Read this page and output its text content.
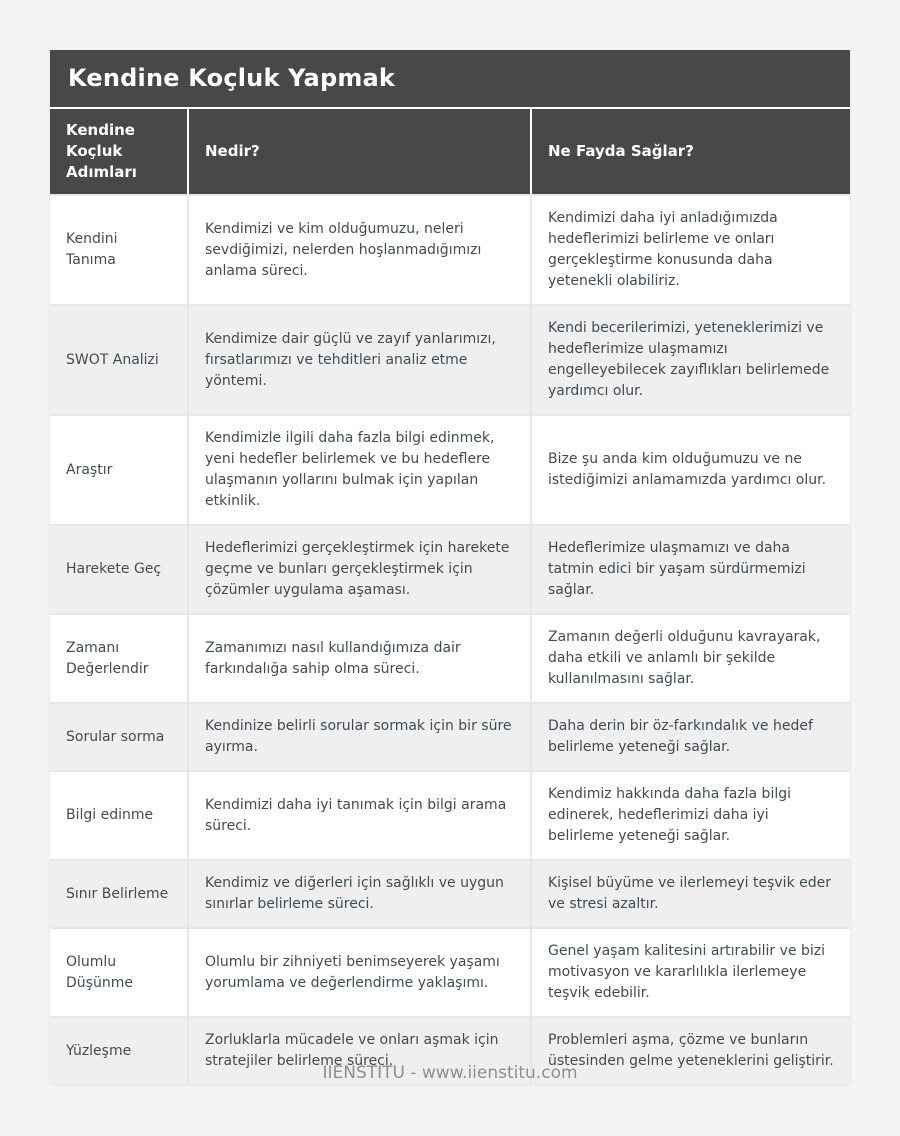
Kendine Koçluk Yapmak
Kendine Koçluk Adımları	Nedir?	Ne Fayda Sağlar?
Kendini Tanıma	Kendimizi ve kim olduğumuzu, neleri sevdiğimizi, nelerden hoşlanmadığımızı anlama süreci.	Kendimizi daha iyi anladığımızda hedeflerimizi belirleme ve onları gerçekleştirme konusunda daha yetenekli olabiliriz.
SWOT Analizi	Kendimize dair güçlü ve zayıf yanlarımızı, fırsatlarımızı ve tehditleri analiz etme yöntemi.	Kendi becerilerimizi, yeteneklerimizi ve hedeflerimize ulaşmamızı engelleyebilecek zayıflıkları belirlemede yardımcı olur.
Araştır	Kendimizle ilgili daha fazla bilgi edinmek, yeni hedefler belirlemek ve bu hedeflere ulaşmanın yollarını bulmak için yapılan etkinlik.	Bize şu anda kim olduğumuzu ve ne istediğimizi anlamamızda yardımcı olur.
Harekete Geç	Hedeflerimizi gerçekleştirmek için harekete geçme ve bunları gerçekleştirmek için çözümler uygulama aşaması.	Hedeflerimize ulaşmamızı ve daha tatmin edici bir yaşam sürdürmemizi sağlar.
Zamanı Değerlendir	Zamanımızı nasıl kullandığımıza dair farkındalığa sahip olma süreci.	Zamanın değerli olduğunu kavrayarak, daha etkili ve anlamlı bir şekilde kullanılmasını sağlar.
Sorular sorma	Kendinize belirli sorular sormak için bir süre ayırma.	Daha derin bir öz-farkındalık ve hedef belirleme yeteneği sağlar.
Bilgi edinme	Kendimizi daha iyi tanımak için bilgi arama süreci.	Kendimiz hakkında daha fazla bilgi edinerek, hedeflerimizi daha iyi belirleme yeteneği sağlar.
Sınır Belirleme	Kendimiz ve diğerleri için sağlıklı ve uygun sınırlar belirleme süreci.	Kişisel büyüme ve ilerlemeyi teşvik eder ve stresi azaltır.
Olumlu Düşünme	Olumlu bir zihniyeti benimseyerek yaşamı yorumlama ve değerlendirme yaklaşımı.	Genel yaşam kalitesini artırabilir ve bizi motivasyon ve kararlılıkla ilerlemeye teşvik edebilir.
Yüzleşme	Zorluklarla mücadele ve onları aşmak için stratejiler belirleme süreci.	Problemleri aşma, çözme ve bunların üstesinden gelme yeteneklerini geliştirir.
IIENSTITU - www.iienstitu.com
